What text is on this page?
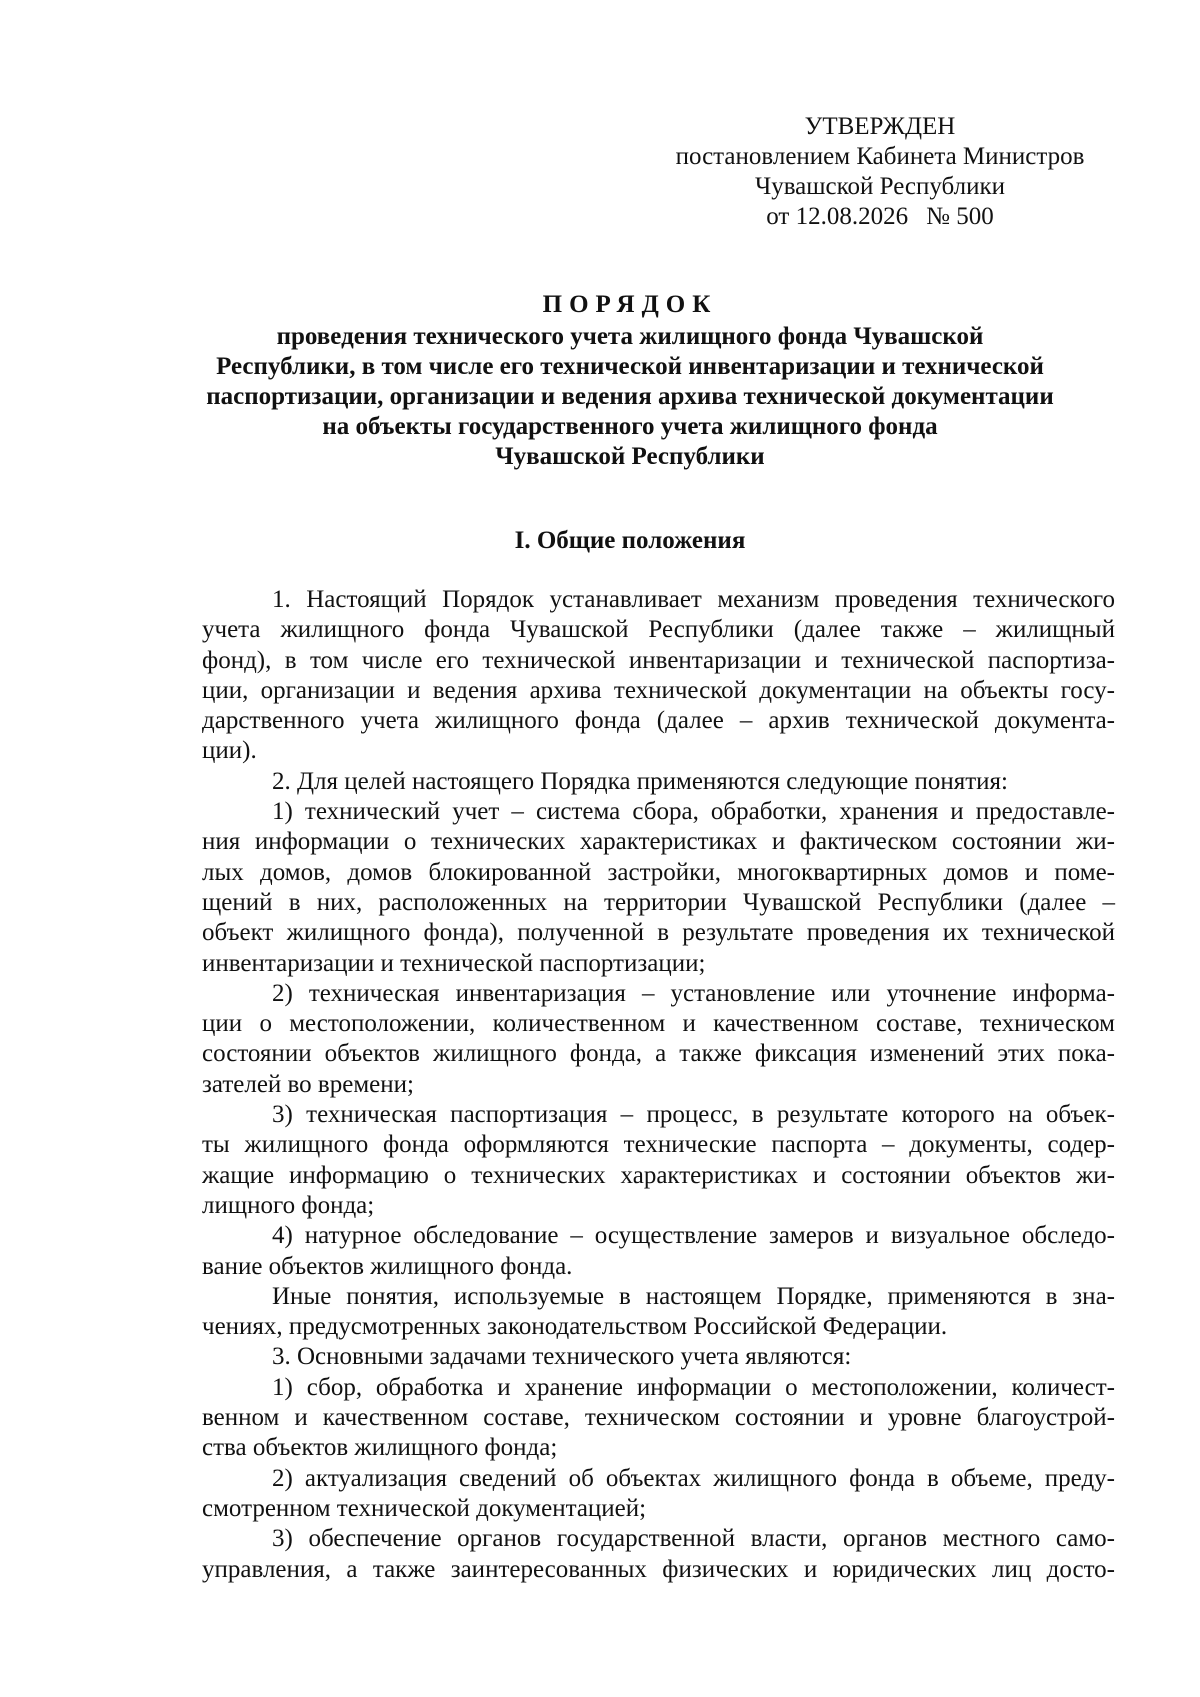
УТВЕРЖДЕН
постановлением Кабинета Министров
Чувашской Республики
от 12.08.2026 № 500
ПОРЯДОК
проведения технического учета жилищного фонда Чувашской
Республики, в том числе его технической инвентаризации и технической
паспортизации, организации и ведения архива технической документации
на объекты государственного учета жилищного фонда
Чувашской Республики
I. Общие положения
1. Настоящий Порядок устанавливает механизм проведения технического
учета жилищного фонда Чувашской Республики (далее также – жилищный
фонд), в том числе его технической инвентаризации и технической паспортиза-
ции, организации и ведения архива технической документации на объекты госу-
дарственного учета жилищного фонда (далее – архив технической документа-
ции).
2. Для целей настоящего Порядка применяются следующие понятия:
1) технический учет – система сбора, обработки, хранения и предоставле-
ния информации о технических характеристиках и фактическом состоянии жи-
лых домов, домов блокированной застройки, многоквартирных домов и поме-
щений в них, расположенных на территории Чувашской Республики (далее –
объект жилищного фонда), полученной в результате проведения их технической
инвентаризации и технической паспортизации;
2) техническая инвентаризация – установление или уточнение информа-
ции о местоположении, количественном и качественном составе, техническом
состоянии объектов жилищного фонда, а также фиксация изменений этих пока-
зателей во времени;
3) техническая паспортизация – процесс, в результате которого на объек-
ты жилищного фонда оформляются технические паспорта – документы, содер-
жащие информацию о технических характеристиках и состоянии объектов жи-
лищного фонда;
4) натурное обследование – осуществление замеров и визуальное обследо-
вание объектов жилищного фонда.
Иные понятия, используемые в настоящем Порядке, применяются в зна-
чениях, предусмотренных законодательством Российской Федерации.
3. Основными задачами технического учета являются:
1) сбор, обработка и хранение информации о местоположении, количест-
венном и качественном составе, техническом состоянии и уровне благоустрой-
ства объектов жилищного фонда;
2) актуализация сведений об объектах жилищного фонда в объеме, преду-
смотренном технической документацией;
3) обеспечение органов государственной власти, органов местного само-
управления, а также заинтересованных физических и юридических лиц досто-
